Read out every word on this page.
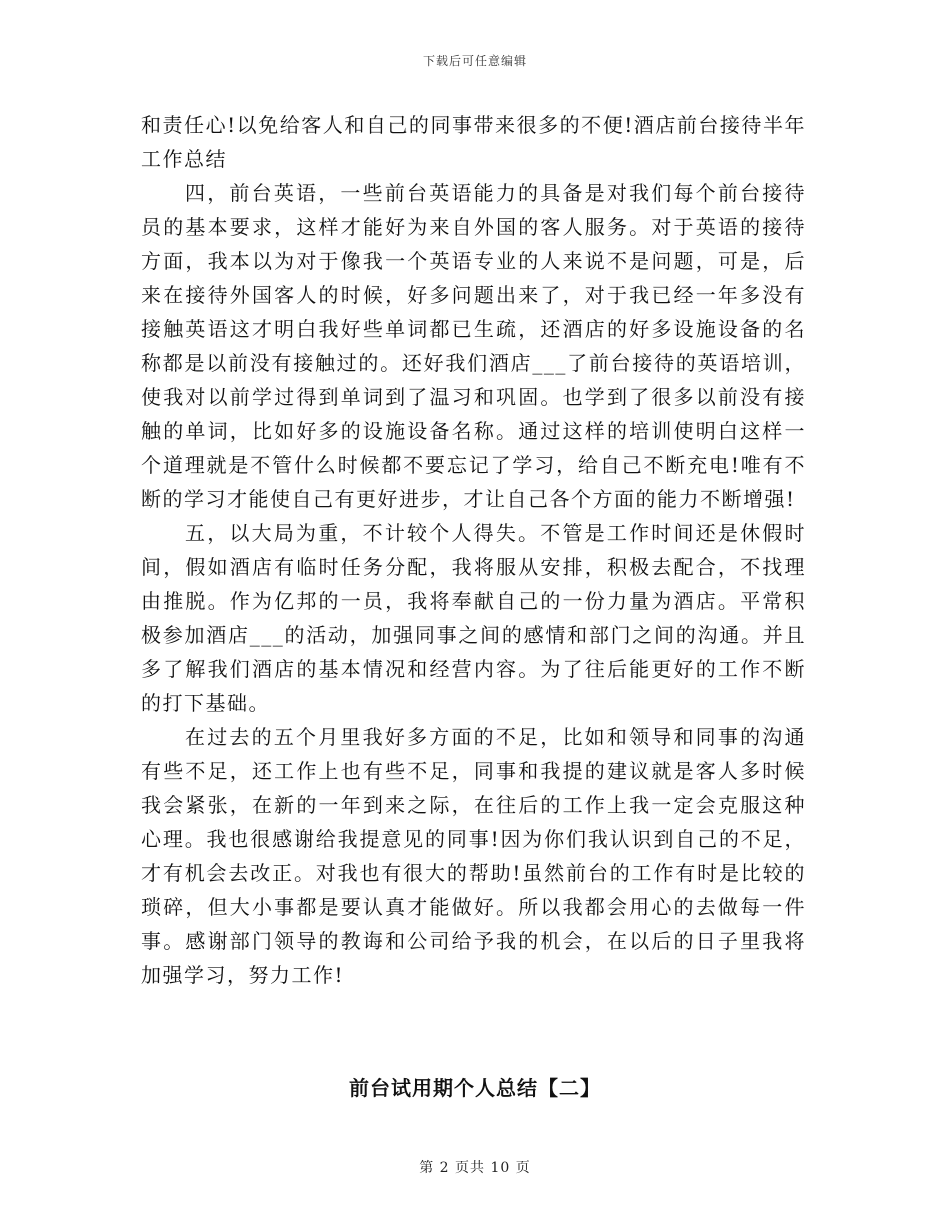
下载后可任意编辑

和责任心!以免给客人和自己的同事带来很多的不便!酒店前台接待半年工作总结

四，前台英语，一些前台英语能力的具备是对我们每个前台接待员的基本要求，这样才能好为来自外国的客人服务。对于英语的接待方面，我本以为对于像我一个英语专业的人来说不是问题，可是，后来在接待外国客人的时候，好多问题出来了，对于我已经一年多没有接触英语这才明白我好些单词都已生疏，还酒店的好多设施设备的名称都是以前没有接触过的。还好我们酒店___了前台接待的英语培训，使我对以前学过得到单词到了温习和巩固。也学到了很多以前没有接触的单词，比如好多的设施设备名称。通过这样的培训使明白这样一个道理就是不管什么时候都不要忘记了学习，给自己不断充电!唯有不断的学习才能使自己有更好进步，才让自己各个方面的能力不断增强!

五，以大局为重，不计较个人得失。不管是工作时间还是休假时间，假如酒店有临时任务分配，我将服从安排，积极去配合，不找理由推脱。作为亿邦的一员，我将奉献自己的一份力量为酒店。平常积极参加酒店___的活动，加强同事之间的感情和部门之间的沟通。并且多了解我们酒店的基本情况和经营内容。为了往后能更好的工作不断的打下基础。

在过去的五个月里我好多方面的不足，比如和领导和同事的沟通有些不足，还工作上也有些不足，同事和我提的建议就是客人多时候我会紧张，在新的一年到来之际，在往后的工作上我一定会克服这种心理。我也很感谢给我提意见的同事!因为你们我认识到自己的不足，才有机会去改正。对我也有很大的帮助!虽然前台的工作有时是比较的琐碎，但大小事都是要认真才能做好。所以我都会用心的去做每一件事。感谢部门领导的教诲和公司给予我的机会，在以后的日子里我将加强学习，努力工作!

前台试用期个人总结【二】
第 2 页共 10 页
